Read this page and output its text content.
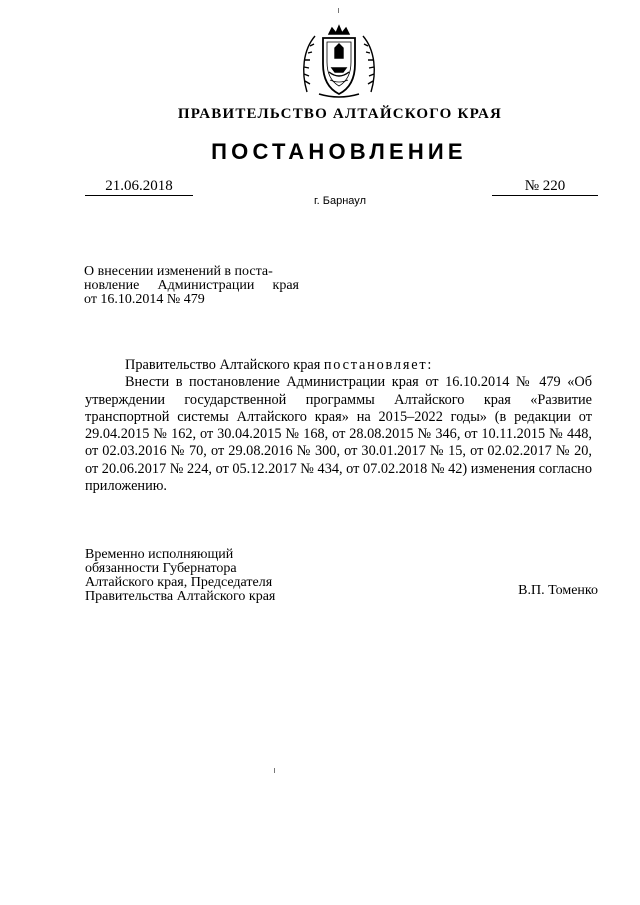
ПРАВИТЕЛЬСТВО АЛТАЙСКОГО КРАЯ
ПОСТАНОВЛЕНИЕ
21.06.2018	№ 220
г. Барнаул
О внесении изменений в поста-
новление Администрации края
от 16.10.2014 № 479

Правительство Алтайского края постановляет:

Внести в постановление Администрации края от 16.10.2014 № 479 «Об утверждении государственной программы Алтайского края «Развитие транспортной системы Алтайского края» на 2015–2022 годы» (в редакции от 29.04.2015 № 162, от 30.04.2015 № 168, от 28.08.2015 № 346, от 10.11.2015 № 448, от 02.03.2016 № 70, от 29.08.2016 № 300, от 30.01.2017 № 15, от 02.02.2017 № 20, от 20.06.2017 № 224, от 05.12.2017 № 434, от 07.02.2018 № 42) изменения согласно приложению.

Временно исполняющий
обязанности Губернатора
Алтайского края, Председателя
Правительства Алтайского края	В.П. Томенко
